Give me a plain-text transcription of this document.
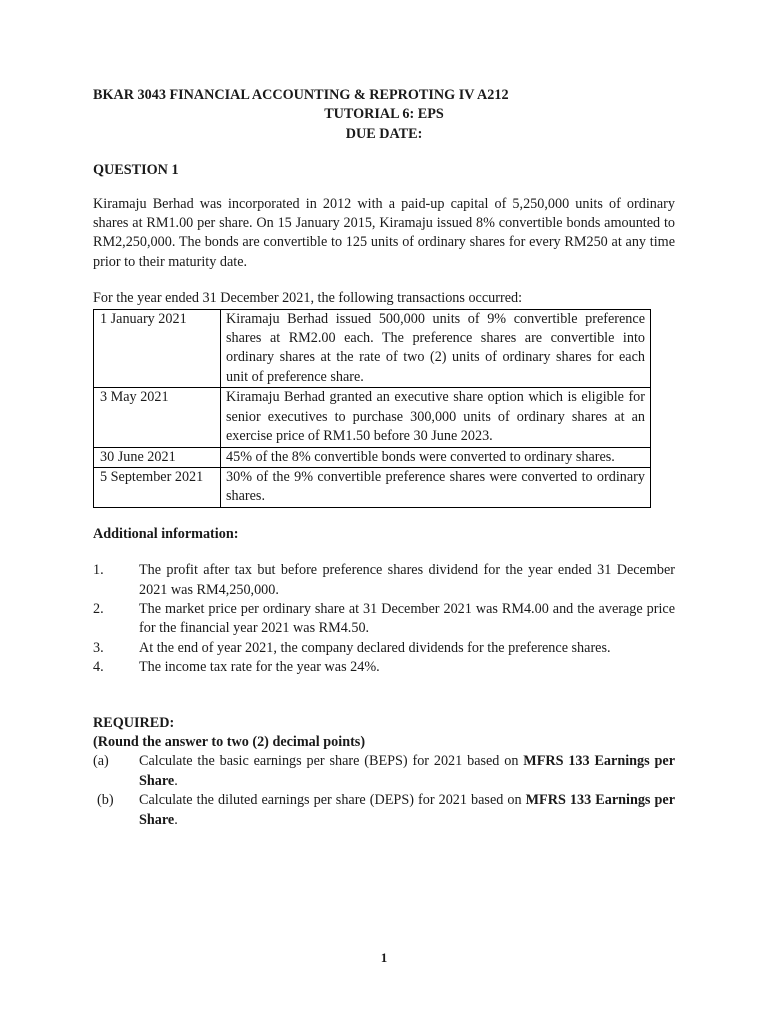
BKAR 3043 FINANCIAL ACCOUNTING & REPROTING IV A212
TUTORIAL 6: EPS
DUE DATE:
QUESTION 1
Kiramaju Berhad was incorporated in 2012 with a paid-up capital of 5,250,000 units of ordinary shares at RM1.00 per share. On 15 January 2015, Kiramaju issued 8% convertible bonds amounted to RM2,250,000. The bonds are convertible to 125 units of ordinary shares for every RM250 at any time prior to their maturity date.
For the year ended 31 December 2021, the following transactions occurred:
1 January 2021	Kiramaju Berhad issued 500,000 units of 9% convertible preference shares at RM2.00 each. The preference shares are convertible into ordinary shares at the rate of two (2) units of ordinary shares for each unit of preference share.
3 May 2021	Kiramaju Berhad granted an executive share option which is eligible for senior executives to purchase 300,000 units of ordinary shares at an exercise price of RM1.50 before 30 June 2023.
30 June 2021	45% of the 8% convertible bonds were converted to ordinary shares.
5 September 2021	30% of the 9% convertible preference shares were converted to ordinary shares.
Additional information:
1.	The profit after tax but before preference shares dividend for the year ended 31 December 2021 was RM4,250,000.
2.	The market price per ordinary share at 31 December 2021 was RM4.00 and the average price for the financial year 2021 was RM4.50.
3.	At the end of year 2021, the company declared dividends for the preference shares.
4.	The income tax rate for the year was 24%.
REQUIRED:
(Round the answer to two (2) decimal points)
(a)	Calculate the basic earnings per share (BEPS) for 2021 based on MFRS 133 Earnings per Share.
(b)	Calculate the diluted earnings per share (DEPS) for 2021 based on MFRS 133 Earnings per Share.
1
